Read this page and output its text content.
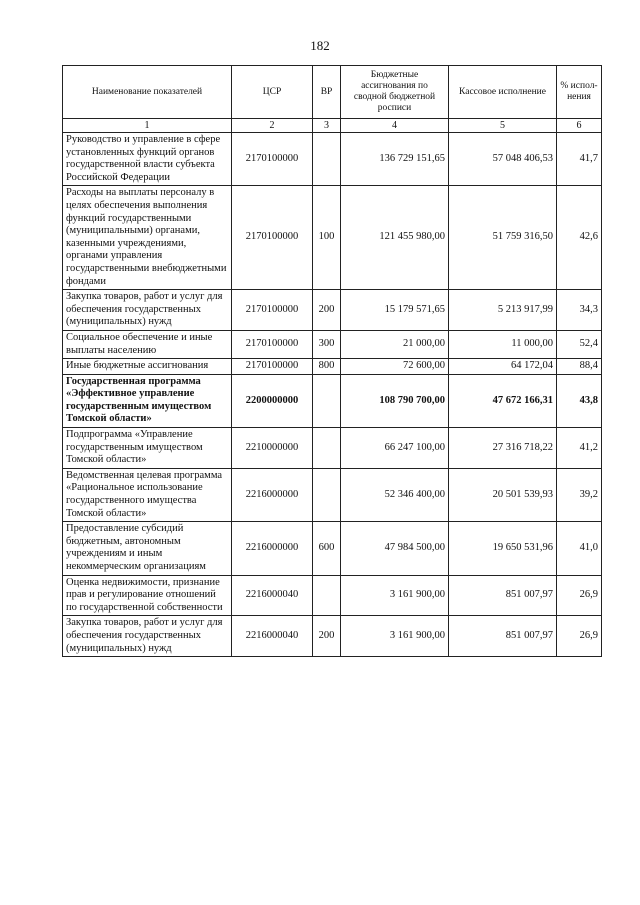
182
Наименование показателей	ЦСР	ВР	Бюджетные ассигнования по сводной бюджетной росписи	Кассовое исполнение	% испол-нения
1	2	3	4	5	6
Руководство и управление в сфере установленных функций органов государственной власти субъекта Российской Федерации	2170100000		136 729 151,65	57 048 406,53	41,7
Расходы на выплаты персоналу в целях обеспечения выполнения функций государственными (муниципальными) органами, казенными учреждениями, органами управления государственными внебюджетными фондами	2170100000	100	121 455 980,00	51 759 316,50	42,6
Закупка товаров, работ и услуг для обеспечения государственных (муниципальных) нужд	2170100000	200	15 179 571,65	5 213 917,99	34,3
Социальное обеспечение и иные выплаты населению	2170100000	300	21 000,00	11 000,00	52,4
Иные бюджетные ассигнования	2170100000	800	72 600,00	64 172,04	88,4
Государственная программа «Эффективное управление государственным имуществом Томской области»	2200000000		108 790 700,00	47 672 166,31	43,8
Подпрограмма «Управление государственным имуществом Томской области»	2210000000		66 247 100,00	27 316 718,22	41,2
Ведомственная целевая программа «Рациональное использование государственного имущества Томской области»	2216000000		52 346 400,00	20 501 539,93	39,2
Предоставление субсидий бюджетным, автономным учреждениям и иным некоммерческим организациям	2216000000	600	47 984 500,00	19 650 531,96	41,0
Оценка недвижимости, признание прав и регулирование отношений по государственной собственности	2216000040		3 161 900,00	851 007,97	26,9
Закупка товаров, работ и услуг для обеспечения государственных (муниципальных) нужд	2216000040	200	3 161 900,00	851 007,97	26,9
